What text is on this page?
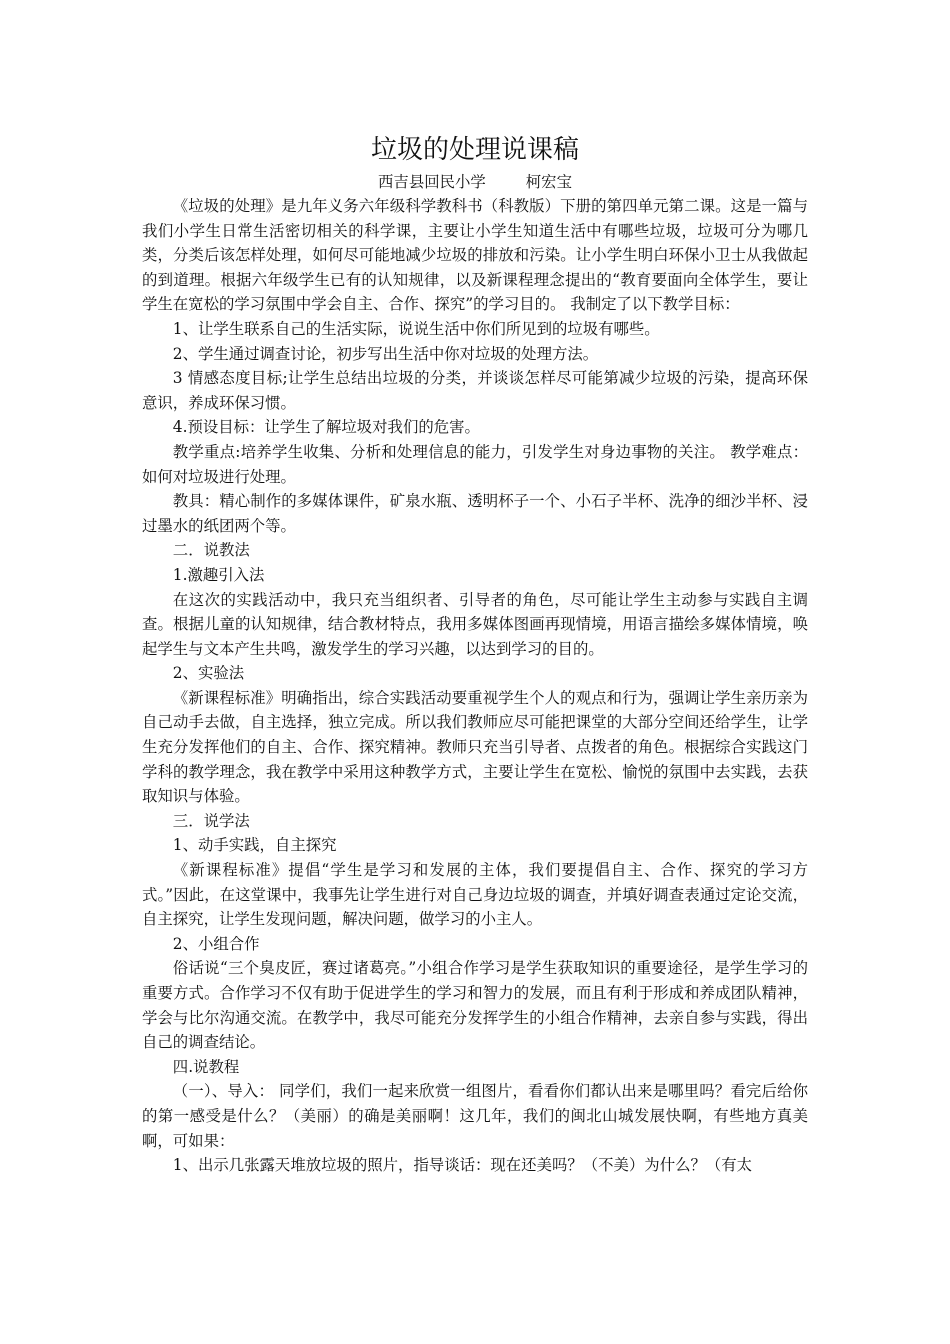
垃圾的处理说课稿
西吉县回民小学	柯宏宝

《垃圾的处理》是九年义务六年级科学教科书（科教版）下册的第四单元第二课。这是一篇与我们小学生日常生活密切相关的科学课，主要让小学生知道生活中有哪些垃圾，垃圾可分为哪几类，分类后该怎样处理，如何尽可能地减少垃圾的排放和污染。让小学生明白环保小卫士从我做起的到道理。根据六年级学生已有的认知规律，以及新课程理念提出的“教育要面向全体学生，要让学生在宽松的学习氛围中学会自主、合作、探究”的学习目的。 我制定了以下教学目标：

1、让学生联系自己的生活实际，说说生活中你们所见到的垃圾有哪些。

2、学生通过调查讨论，初步写出生活中你对垃圾的处理方法。

3 情感态度目标;让学生总结出垃圾的分类，并谈谈怎样尽可能第减少垃圾的污染，提高环保意识，养成环保习惯。

4.预设目标：让学生了解垃圾对我们的危害。

教学重点:培养学生收集、分析和处理信息的能力，引发学生对身边事物的关注。 教学难点：如何对垃圾进行处理。

教具：精心制作的多媒体课件，矿泉水瓶、透明杯子一个、小石子半杯、洗净的细沙半杯、浸过墨水的纸团两个等。

二．说教法

1.激趣引入法

在这次的实践活动中，我只充当组织者、引导者的角色，尽可能让学生主动参与实践自主调查。根据儿童的认知规律，结合教材特点，我用多媒体图画再现情境，用语言描绘多媒体情境，唤起学生与文本产生共鸣，激发学生的学习兴趣，以达到学习的目的。

2、实验法

《新课程标准》明确指出，综合实践活动要重视学生个人的观点和行为，强调让学生亲历亲为自己动手去做，自主选择，独立完成。所以我们教师应尽可能把课堂的大部分空间还给学生，让学生充分发挥他们的自主、合作、探究精神。教师只充当引导者、点拨者的角色。根据综合实践这门学科的教学理念，我在教学中采用这种教学方式，主要让学生在宽松、愉悦的氛围中去实践，去获取知识与体验。

三．说学法

1、动手实践，自主探究

《新课程标准》提倡“学生是学习和发展的主体，我们要提倡自主、合作、探究的学习方式。”因此，在这堂课中，我事先让学生进行对自己身边垃圾的调查，并填好调查表通过定论交流，自主探究，让学生发现问题，解决问题，做学习的小主人。

2、小组合作

俗话说“三个臭皮匠，赛过诸葛亮。”小组合作学习是学生获取知识的重要途径，是学生学习的重要方式。合作学习不仅有助于促进学生的学习和智力的发展，而且有利于形成和养成团队精神，学会与比尔沟通交流。在教学中，我尽可能充分发挥学生的小组合作精神，去亲自参与实践，得出自己的调查结论。

四.说教程

（一）、导入： 同学们，我们一起来欣赏一组图片，看看你们都认出来是哪里吗？看完后给你的第一感受是什么？（美丽）的确是美丽啊！这几年，我们的闽北山城发展快啊，有些地方真美啊，可如果：

1、出示几张露天堆放垃圾的照片，指导谈话：现在还美吗？（不美）为什么？（有太
